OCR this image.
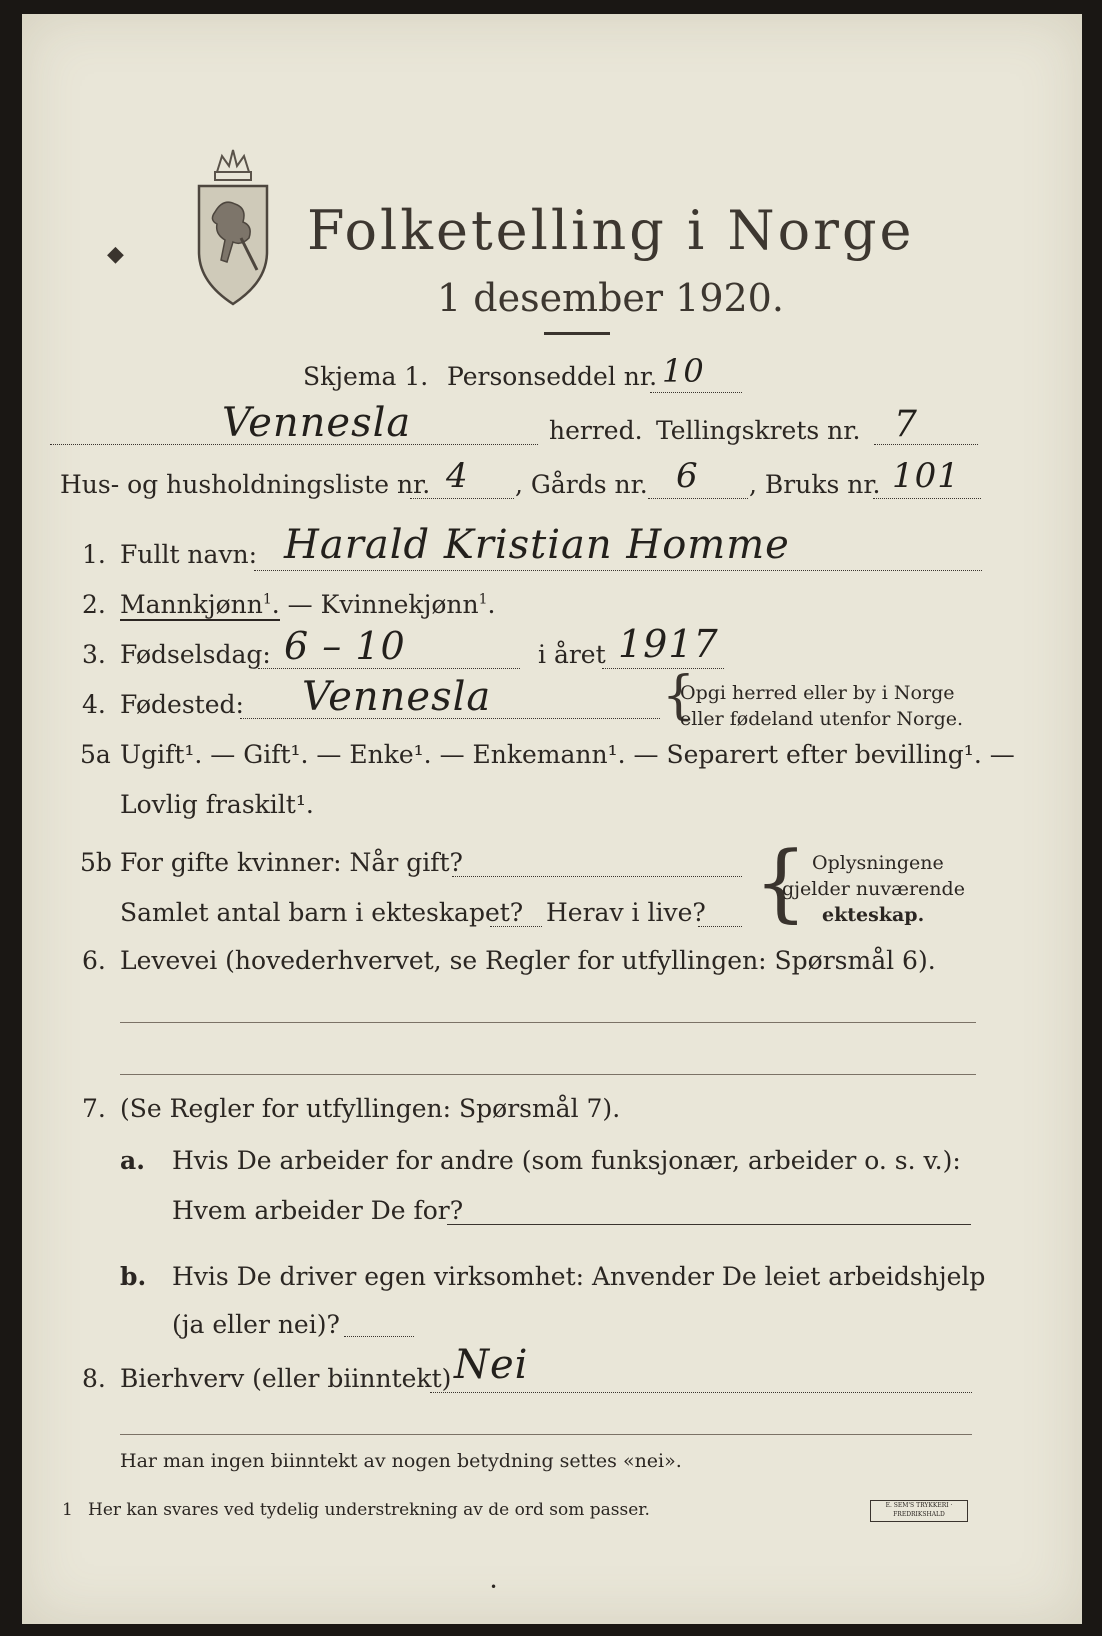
◆	Folketelling i Norge
1 desember 1920.
Skjema 1. Personseddel nr. 10
Vennesla	herred. Tellingskrets nr. 7
Hus- og husholdningsliste nr. 4 , Gårds nr. 6 , Bruks nr. 101
1. Fullt navn: Harald Kristian Homme
2. Mannkjønn$^1$. — Kvinnekjønn$^1$.
3. Fødselsdag: 6 – 10	i året 1917
4. Fødested: Vennesla	{
Opgi herred eller by i Norge
eller fødeland utenfor Norge.
5a Ugift¹. — Gift¹. — Enke¹. — Enkemann¹. — Separert efter bevilling¹. —
Lovlig fraskilt¹.
5b For gifte kvinner: Når gift?
Samlet antal barn i ekteskapet? Herav i live? { Oplysningene
gjelder nuværende
ekteskap.
6. Levevei (hovederhvervet, se Regler for utfyllingen: Spørsmål 6).
7. (Se Regler for utfyllingen: Spørsmål 7).
a. Hvis De arbeider for andre (som funksjonær, arbeider o. s. v.):
Hvem arbeider De for?
b. Hvis De driver egen virksomhet: Anvender De leiet arbeidshjelp
(ja eller nei)?
8. Bierhverv (eller biinntekt) Nei
Har man ingen biinntekt av nogen betydning settes «nei».
1 Her kan svares ved tydelig understrekning av de ord som passer.	E. SEM'S TRYKKERI · FREDRIKSHALD
•
